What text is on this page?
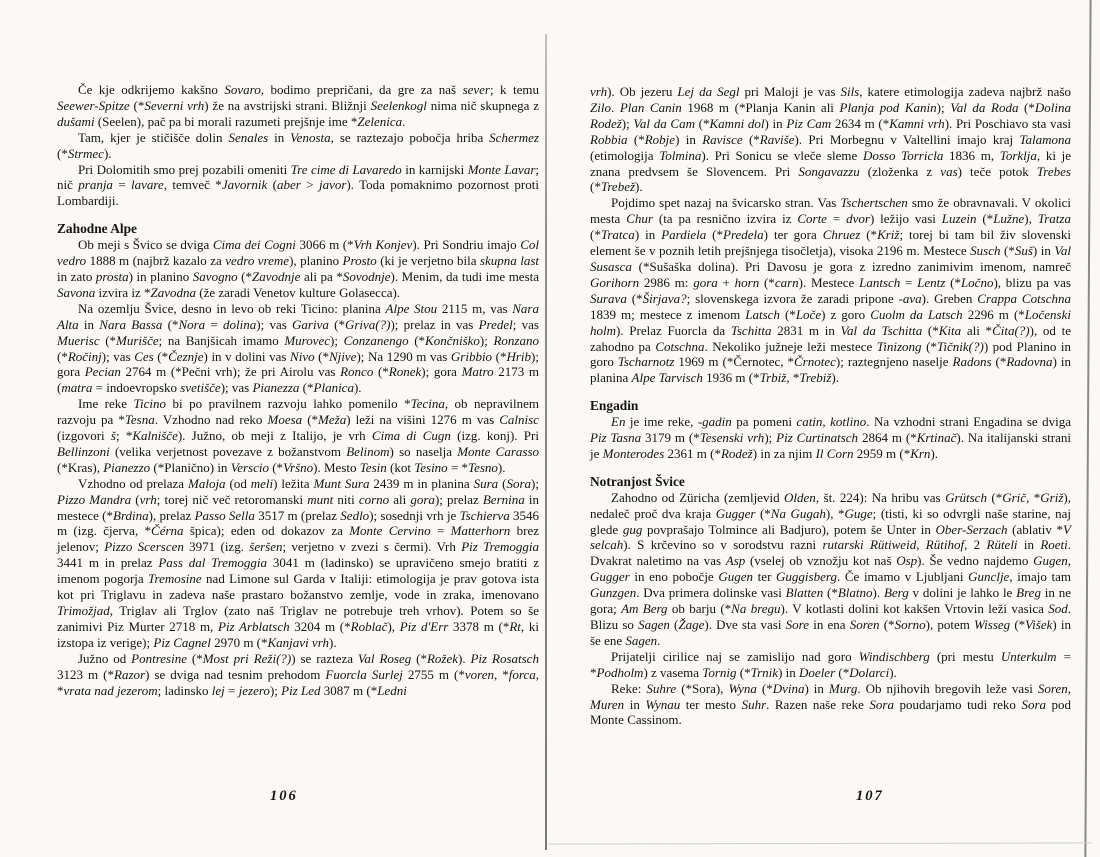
Če kje odkrijemo kakšno Sovaro, bodimo prepričani, da gre za naš sever; k temu Seewer-Spitze (*Severni vrh) že na avstrijski strani. Bližnji Seelenkogl nima nič skupnega z dušami (Seelen), pač pa bi morali razumeti prejšnje ime *Zelenica.

Tam, kjer je stičišče dolin Senales in Venosta, se raztezajo pobočja hriba Schermez (*Strmec).

Pri Dolomitih smo prej pozabili omeniti Tre cime di Lavaredo in karnijski Monte Lavar; nič pranja = lavare, temveč *Javornik (aber > javor). Toda pomaknimo pozornost proti Lombardiji.

Zahodne Alpe

Ob meji s Švico se dviga Cima dei Cogni 3066 m (*Vrh Konjev). Pri Sondriu imajo Col vedro 1888 m (najbrž kazalo za vedro vreme), planino Prosto (ki je verjetno bila skupna last in zato prosta) in planino Savogno (*Zavodnje ali pa *Sovodnje). Menim, da tudi ime mesta Savona izvira iz *Zavodna (že zaradi Venetov kulture Golasecca).

Na ozemlju Švice, desno in levo ob reki Ticino: planina Alpe Stou 2115 m, vas Nara Alta in Nara Bassa (*Nora = dolina); vas Gariva (*Griva(?)); prelaz in vas Predel; vas Muerisc (*Murišče; na Banjšicah imamo Murovec); Conzanengo (*Končniško); Ronzano (*Ročinj); vas Ces (*Čeznje) in v dolini vas Nivo (*Njive); Na 1290 m vas Gribbio (*Hrib); gora Pecian 2764 m (*Pečni vrh); že pri Airolu vas Ronco (*Ronek); gora Matro 2173 m (matra = indoevropsko svetišče); vas Pianezza (*Planica).

Ime reke Ticino bi po pravilnem razvoju lahko pomenilo *Tecina, ob nepravilnem razvoju pa *Tesna. Vzhodno nad reko Moesa (*Meža) leži na višini 1276 m vas Calnisc (izgovori š; *Kalnišče). Južno, ob meji z Italijo, je vrh Cima di Cugn (izg. konj). Pri Bellinzoni (velika verjetnost povezave z božanstvom Belinom) so naselja Monte Carasso (*Kras), Pianezzo (*Planično) in Verscio (*Vršno). Mesto Tesin (kot Tesino = *Tesno).

Vzhodno od prelaza Maloja (od meli) ležita Munt Sura 2439 m in planina Sura (Sora); Pizzo Mandra (vrh; torej nič več retoromanski munt niti corno ali gora); prelaz Bernina in mestece (*Brdina), prelaz Passo Sella 3517 m (prelaz Sedlo); sosednji vrh je Tschierva 3546 m (izg. čjerva, *Čérna špica); eden od dokazov za Monte Cervino = Matterhorn brez jelenov; Pizzo Scerscen 3971 (izg. šeršen; verjetno v zvezi s čermi). Vrh Piz Tremoggia 3441 m in prelaz Pass dal Tremoggia 3041 m (ladinsko) se upravičeno smejo bratiti z imenom pogorja Tremosine nad Limone sul Garda v Italiji: etimologija je prav gotova ista kot pri Triglavu in zadeva naše prastaro božanstvo zemlje, vode in zraka, imenovano Trimožjad, Triglav ali Trglov (zato naš Triglav ne potrebuje treh vrhov). Potem so še zanimivi Piz Murter 2718 m, Piz Arblatsch 3204 m (*Roblač), Piz d'Err 3378 m (*Rt, ki izstopa iz verige); Piz Cagnel 2970 m (*Kanjavi vrh).

Južno od Pontresine (*Most pri Reži(?)) se razteza Val Roseg (*Rožek). Piz Rosatsch 3123 m (*Razor) se dviga nad tesnim prehodom Fuorcla Surlej 2755 m (*voren, *forca, *vrata nad jezerom; ladinsko lej = jezero); Piz Led 3087 m (*Ledni

vrh). Ob jezeru Lej da Segl pri Maloji je vas Sils, katere etimologija zadeva najbrž našo Zilo. Plan Canin 1968 m (*Planja Kanin ali Planja pod Kanin); Val da Roda (*Dolina Rodež); Val da Cam (*Kamni dol) in Piz Cam 2634 m (*Kamni vrh). Pri Poschiavo sta vasi Robbia (*Robje) in Ravisce (*Raviše). Pri Morbegnu v Valtellini imajo kraj Talamona (etimologija Tolmina). Pri Sonicu se vleče sleme Dosso Torricla 1836 m, Torklja, ki je znana predvsem še Slovencem. Pri Songavazzu (zloženka z vas) teče potok Trebes (*Trebež).

Pojdimo spet nazaj na švicarsko stran. Vas Tschertschen smo že obravnavali. V okolici mesta Chur (ta pa resnično izvira iz Corte = dvor) ležijo vasi Luzein (*Lužne), Tratza (*Tratca) in Pardiela (*Predela) ter gora Chruez (*Križ; torej bi tam bil živ slovenski element še v poznih letih prejšnjega tisočletja), visoka 2196 m. Mestece Susch (*Suš) in Val Susasca (*Sušaška dolina). Pri Davosu je gora z izredno zanimivim imenom, namreč Gorihorn 2986 m: gora + horn (*carn). Mestece Lantsch = Lentz (*Ločno), blizu pa vas Surava (*Širjava?; slovenskega izvora že zaradi pripone -ava). Greben Crappa Cotschna 1839 m; mestece z imenom Latsch (*Loče) z goro Cuolm da Latsch 2296 m (*Ločenski holm). Prelaz Fuorcla da Tschitta 2831 m in Val da Tschitta (*Kita ali *Čita(?)), od te zahodno pa Cotschna. Nekoliko južneje leži mestece Tinizong (*Tičnik(?)) pod Planino in goro Tscharnotz 1969 m (*Černotec, *Črnotec); raztegnjeno naselje Radons (*Radovna) in planina Alpe Tarvisch 1936 m (*Trbiž, *Trebiž).

Engadin

En je ime reke, -gadin pa pomeni catin, kotlino. Na vzhodni strani Engadina se dviga Piz Tasna 3179 m (*Tesenski vrh); Piz Curtinatsch 2864 m (*Krtinač). Na italijanski strani je Monterodes 2361 m (*Rodež) in za njim Il Corn 2959 m (*Krn).

Notranjost Švice

Zahodno od Züricha (zemljevid Olden, št. 224): Na hribu vas Grütsch (*Grič, *Griž), nedaleč proč dva kraja Gugger (*Na Gugah), *Guge; (tisti, ki so odvrgli naše starine, naj glede gug povprašajo Tolmince ali Badjuro), potem še Unter in Ober-Serzach (ablativ *V selcah). S krčevino so v sorodstvu razni rutarski Rütiweid, Rütihof, 2 Rüteli in Roeti. Dvakrat naletimo na vas Asp (vselej ob vznožju kot naš Osp). Še vedno najdemo Gugen, Gugger in eno pobočje Gugen ter Guggisberg. Če imamo v Ljubljani Gunclje, imajo tam Gunzgen. Dva primera dolinske vasi Blatten (*Blatno). Berg v dolini je lahko le Breg in ne gora; Am Berg ob barju (*Na bregu). V kotlasti dolini kot kakšen Vrtovin leži vasica Sod. Blizu so Sagen (Žage). Dve sta vasi Sore in ena Soren (*Sorno), potem Wisseg (*Višek) in še ene Sagen.

Prijatelji cirilice naj se zamislijo nad goro Windischberg (pri mestu Unterkulm = *Podholm) z vasema Tornig (*Trnik) in Doeler (*Dolarci).

Reke: Suhre (*Sora), Wyna (*Dvina) in Murg. Ob njihovih bregovih leže vasi Soren, Muren in Wynau ter mesto Suhr. Razen naše reke Sora poudarjamo tudi reko Sora pod Monte Cassinom.

106	107
